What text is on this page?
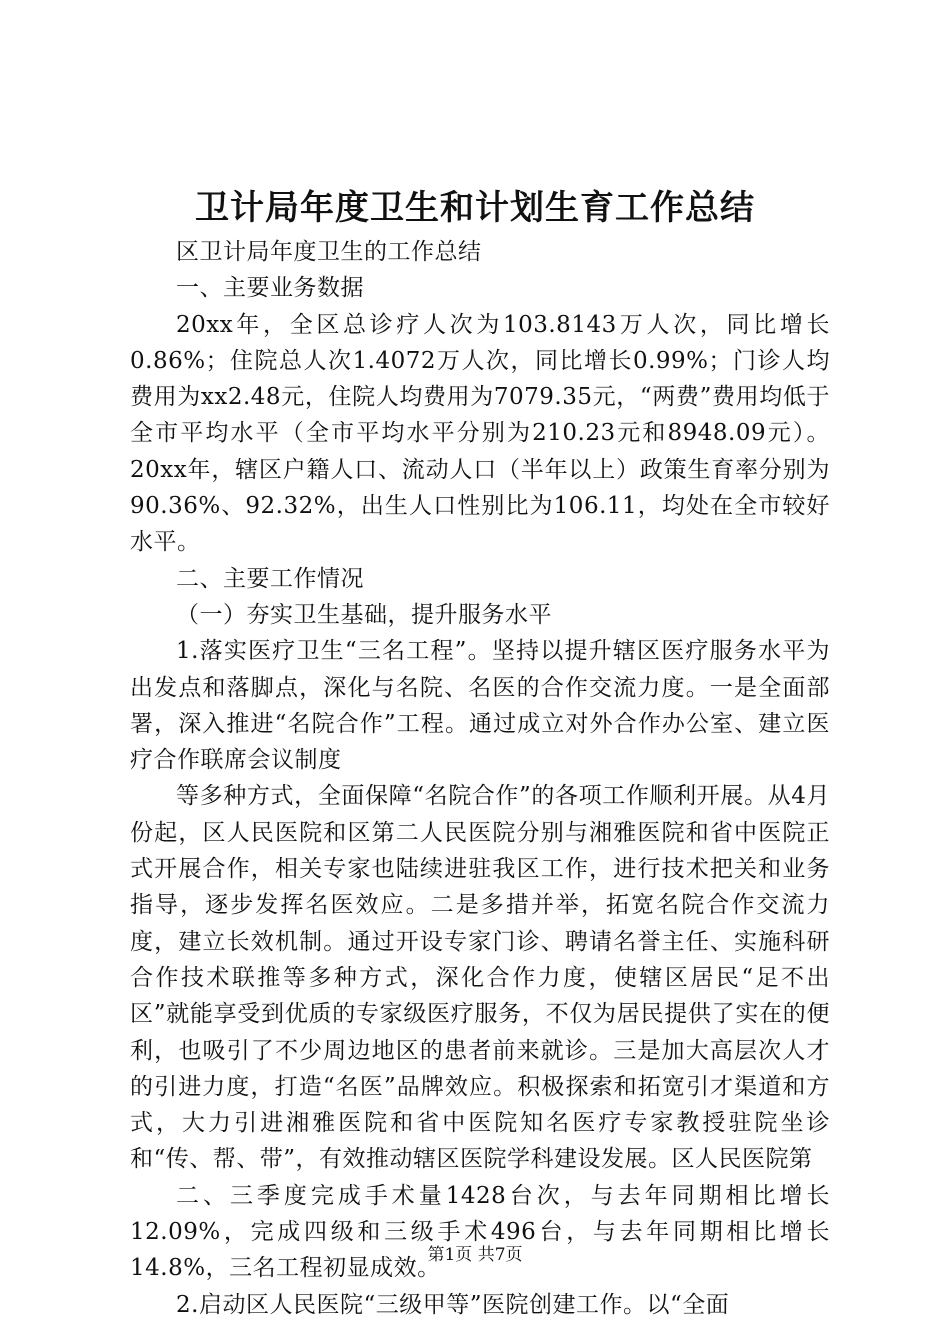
卫计局年度卫生和计划生育工作总结

区卫计局年度卫生的工作总结

一、主要业务数据

20xx年，全区总诊疗人次为103.8143万人次，同比增长0.86%；住院总人次1.4072万人次，同比增长0.99%；门诊人均费用为xx2.48元，住院人均费用为7079.35元，“两费”费用均低于全市平均水平（全市平均水平分别为210.23元和8948.09元）。20xx年，辖区户籍人口、流动人口（半年以上）政策生育率分别为90.36%、92.32%，出生人口性别比为106.11，均处在全市较好水平。

二、主要工作情况

（一）夯实卫生基础，提升服务水平

1.落实医疗卫生“三名工程”。坚持以提升辖区医疗服务水平为出发点和落脚点，深化与名院、名医的合作交流力度。一是全面部署，深入推进“名院合作”工程。通过成立对外合作办公室、建立医疗合作联席会议制度

等多种方式，全面保障“名院合作”的各项工作顺利开展。从4月份起，区人民医院和区第二人民医院分别与湘雅医院和省中医院正式开展合作，相关专家也陆续进驻我区工作，进行技术把关和业务指导，逐步发挥名医效应。二是多措并举，拓宽名院合作交流力度，建立长效机制。通过开设专家门诊、聘请名誉主任、实施科研合作技术联推等多种方式，深化合作力度，使辖区居民“足不出区”就能享受到优质的专家级医疗服务，不仅为居民提供了实在的便利，也吸引了不少周边地区的患者前来就诊。三是加大高层次人才的引进力度，打造“名医”品牌效应。积极探索和拓宽引才渠道和方式，大力引进湘雅医院和省中医院知名医疗专家教授驻院坐诊和“传、帮、带”，有效推动辖区医院学科建设发展。区人民医院第

二、三季度完成手术量1428台次，与去年同期相比增长12.09%，完成四级和三级手术496台，与去年同期相比增长14.8%，三名工程初显成效。

2.启动区人民医院“三级甲等”医院创建工作。以“全面

第1页 共7页
